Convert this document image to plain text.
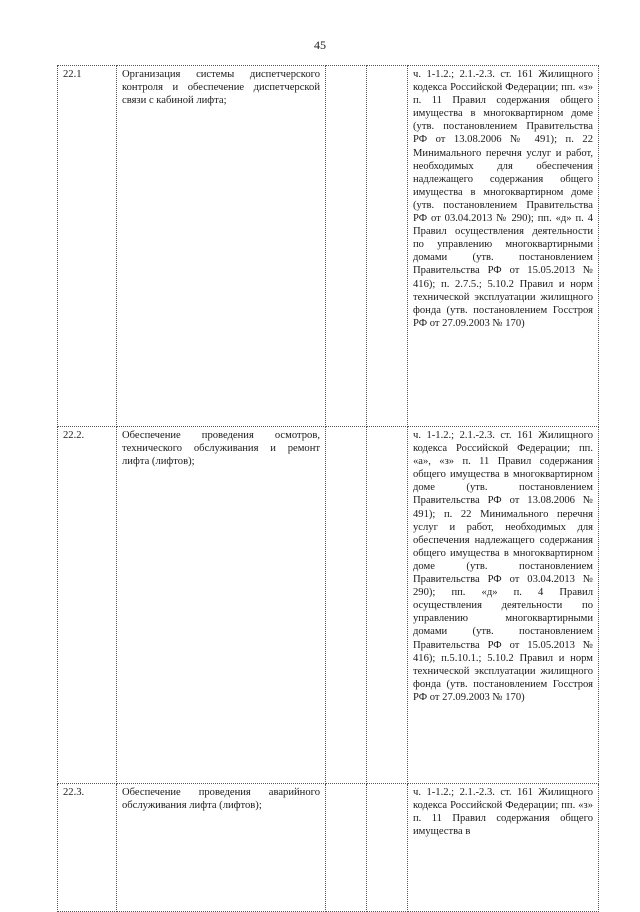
45
22.1	Организация системы диспетчерского контроля и обеспечение диспетчерской связи с кабиной лифта;			ч. 1-1.2.; 2.1.-2.3. ст. 161 Жилищного кодекса Российской Федерации; пп. «з» п. 11 Правил содержания общего имущества в многоквартирном доме (утв. постановлением Правительства РФ от 13.08.2006 № 491); п. 22 Минимального перечня услуг и работ, необходимых для обеспечения надлежащего содержания общего имущества в многоквартирном доме (утв. постановлением Правительства РФ от 03.04.2013 № 290); пп. «д» п. 4 Правил осуществления деятельности по управлению многоквартирными домами (утв. постановлением Правительства РФ от 15.05.2013 № 416); п. 2.7.5.; 5.10.2 Правил и норм технической эксплуатации жилищного фонда (утв. постановлением Госстроя РФ от 27.09.2003 № 170)
22.2.	Обеспечение проведения осмотров, технического обслуживания и ремонт лифта (лифтов);			ч. 1-1.2.; 2.1.-2.3. ст. 161 Жилищного кодекса Российской Федерации; пп. «а», «з» п. 11 Правил содержания общего имущества в многоквартирном доме (утв. постановлением Правительства РФ от 13.08.2006 № 491); п. 22 Минимального перечня услуг и работ, необходимых для обеспечения надлежащего содержания общего имущества в многоквартирном доме (утв. постановлением Правительства РФ от 03.04.2013 № 290); пп. «д» п. 4 Правил осуществления деятельности по управлению многоквартирными домами (утв. постановлением Правительства РФ от 15.05.2013 № 416); п.5.10.1.; 5.10.2 Правил и норм технической эксплуатации жилищного фонда (утв. постановлением Госстроя РФ от 27.09.2003 № 170)
22.3.	Обеспечение проведения аварийного обслуживания лифта (лифтов);			ч. 1-1.2.; 2.1.-2.3. ст. 161 Жилищного кодекса Российской Федерации; пп. «з» п. 11 Правил содержания общего имущества в
